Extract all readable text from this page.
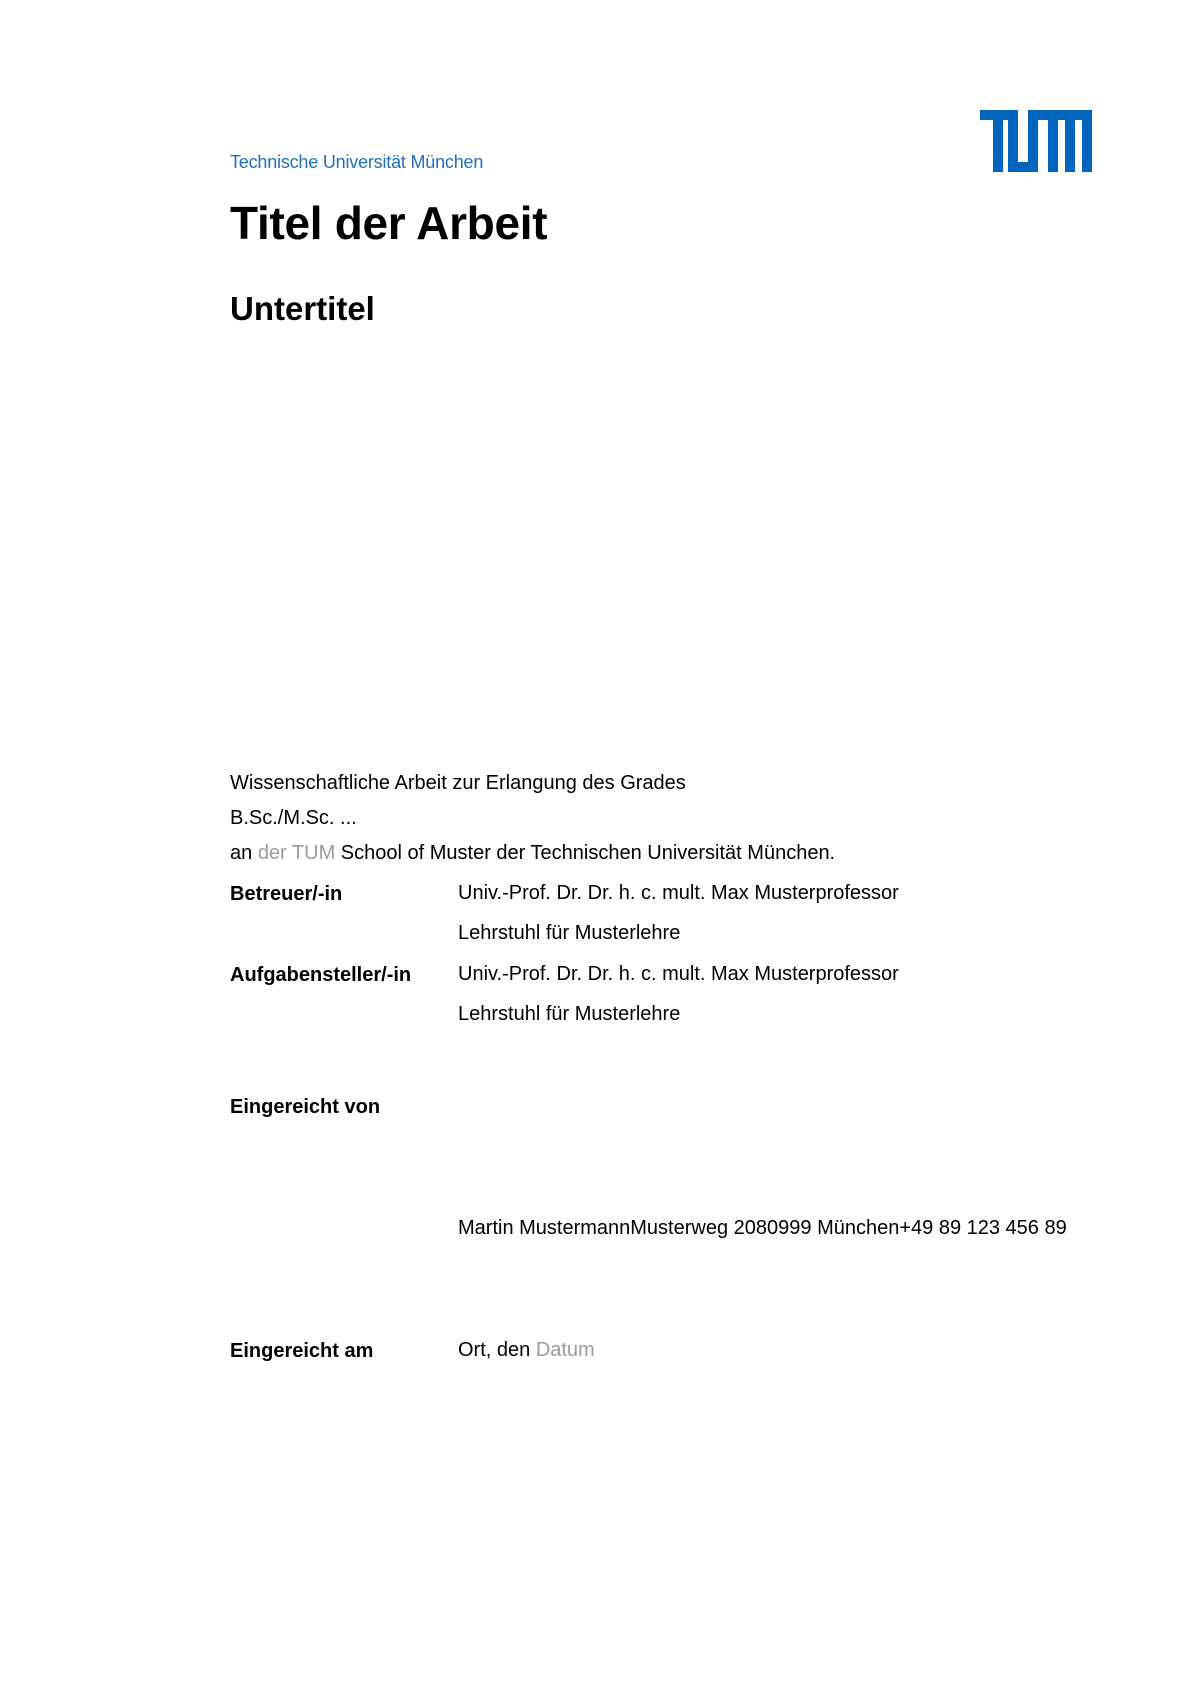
Technische Universität München
Titel der Arbeit
Untertitel
Wissenschaftliche Arbeit zur Erlangung des Grades
B.Sc./M.Sc. ...
an der TUM School of Muster der Technischen Universität München.
Betreuer/-in	Univ.-Prof. Dr. Dr. h. c. mult. Max Musterprofessor
Lehrstuhl für Musterlehre
Aufgabensteller/-in Univ.-Prof. Dr. Dr. h. c. mult. Max Musterprofessor
Lehrstuhl für Musterlehre
Eingereicht von
Martin MustermannMusterweg 2080999 München+49 89 123 456 89
Eingereicht am	Ort, den Datum
